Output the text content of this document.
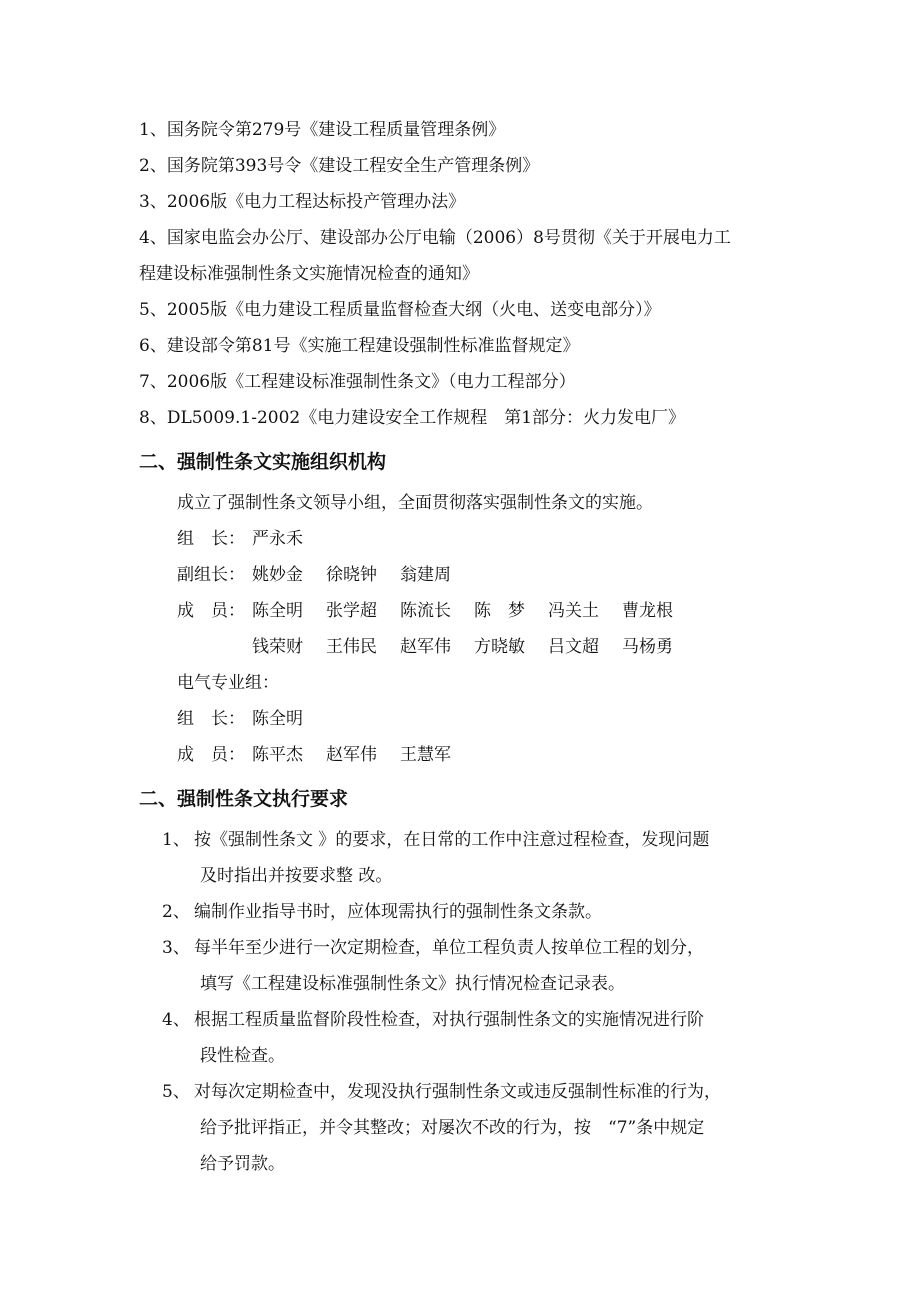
1、国务院令第279号《建设工程质量管理条例》
2、国务院第393号令《建设工程安全生产管理条例》
3、2006版《电力工程达标投产管理办法》
4、国家电监会办公厅、建设部办公厅电输（2006）8号贯彻《关于开展电力工
程建设标准强制性条文实施情况检查的通知》
5、2005版《电力建设工程质量监督检查大纲（火电、送变电部分）》
6、建设部令第81号《实施工程建设强制性标准监督规定》
7、2006版《工程建设标准强制性条文》（电力工程部分）
8、DL5009.1-2002《电力建设安全工作规程　第1部分：火力发电厂》
二、强制性条文实施组织机构
成立了强制性条文领导小组，全面贯彻落实强制性条文的实施。
组　长： 严永禾
副组长： 姚妙金 徐晓钟 翁建周
成　员： 陈全明 张学超 陈流长 陈　梦 冯关土 曹龙根
钱荣财 王伟民 赵军伟 方晓敏 吕文超 马杨勇
电气专业组：
组　长： 陈全明
成　员： 陈平杰 赵军伟 王慧军
二、强制性条文执行要求
1、 按《强制性条文 》的要求，在日常的工作中注意过程检查，发现问题
及时指出并按要求整 改。
2、 编制作业指导书时，应体现需执行的强制性条文条款。
3、 每半年至少进行一次定期检查，单位工程负责人按单位工程的划分，
填写《工程建设标准强制性条文》执行情况检查记录表。
4、 根据工程质量监督阶段性检查，对执行强制性条文的实施情况进行阶
段性检查。
5、 对每次定期检查中，发现没执行强制性条文或违反强制性标准的行为，
给予批评指正，并令其整改；对屡次不改的行为，按　“7”条中规定
给予罚款。
